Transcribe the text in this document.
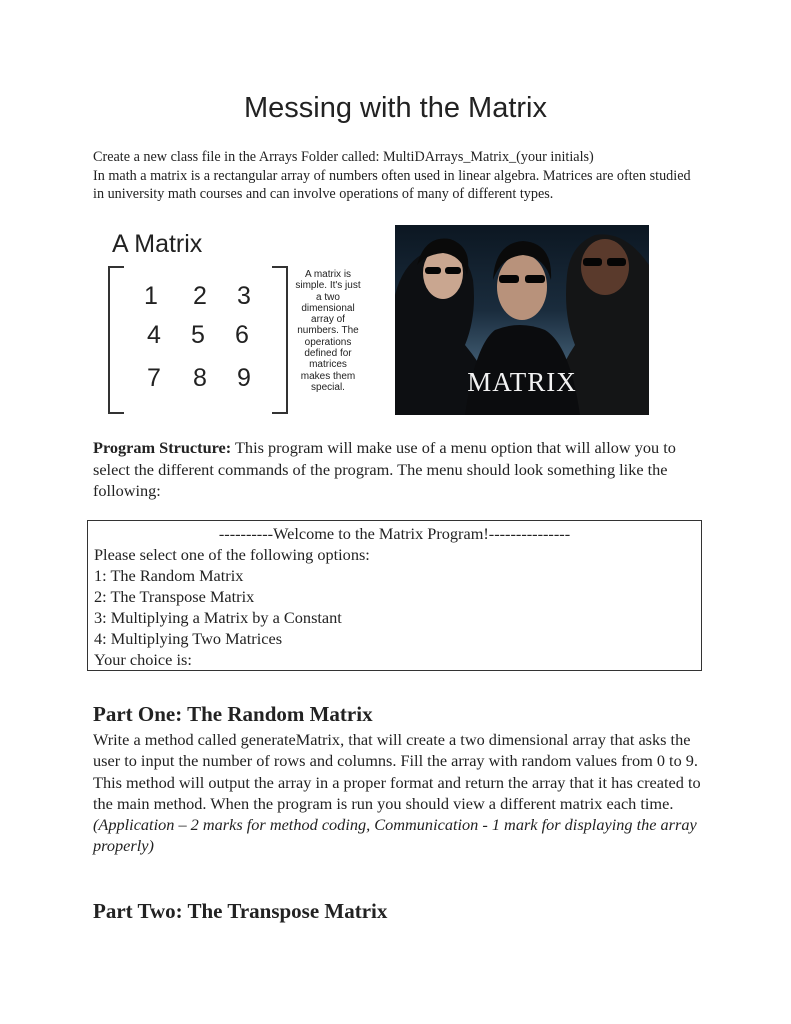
Messing with the Matrix

Create a new class file in the Arrays Folder called: MultiDArrays_Matrix_(your initials)

In math a matrix is a rectangular array of numbers often used in linear algebra. Matrices are often studied in university math courses and can involve operations of many of different types.

A Matrix
1	2	3
4	5	6
7	8	9
A matrix is simple. It's just a two dimensional array of numbers. The operations defined for matrices makes them special.	MATRIX

Program Structure: This program will make use of a menu option that will allow you to select the different commands of the program. The menu should look something like the following:

----------Welcome to the Matrix Program!---------------
Please select one of the following options:
1: The Random Matrix
2: The Transpose Matrix
3: Multiplying a Matrix by a Constant
4: Multiplying Two Matrices
Your choice is:
Part One: The Random Matrix

Write a method called generateMatrix, that will create a two dimensional array that asks the user to input the number of rows and columns. Fill the array with random values from 0 to 9. This method will output the array in a proper format and return the array that it has created to the main method. When the program is run you should view a different matrix each time. (Application – 2 marks for method coding, Communication - 1 mark for displaying the array properly)

Part Two: The Transpose Matrix
